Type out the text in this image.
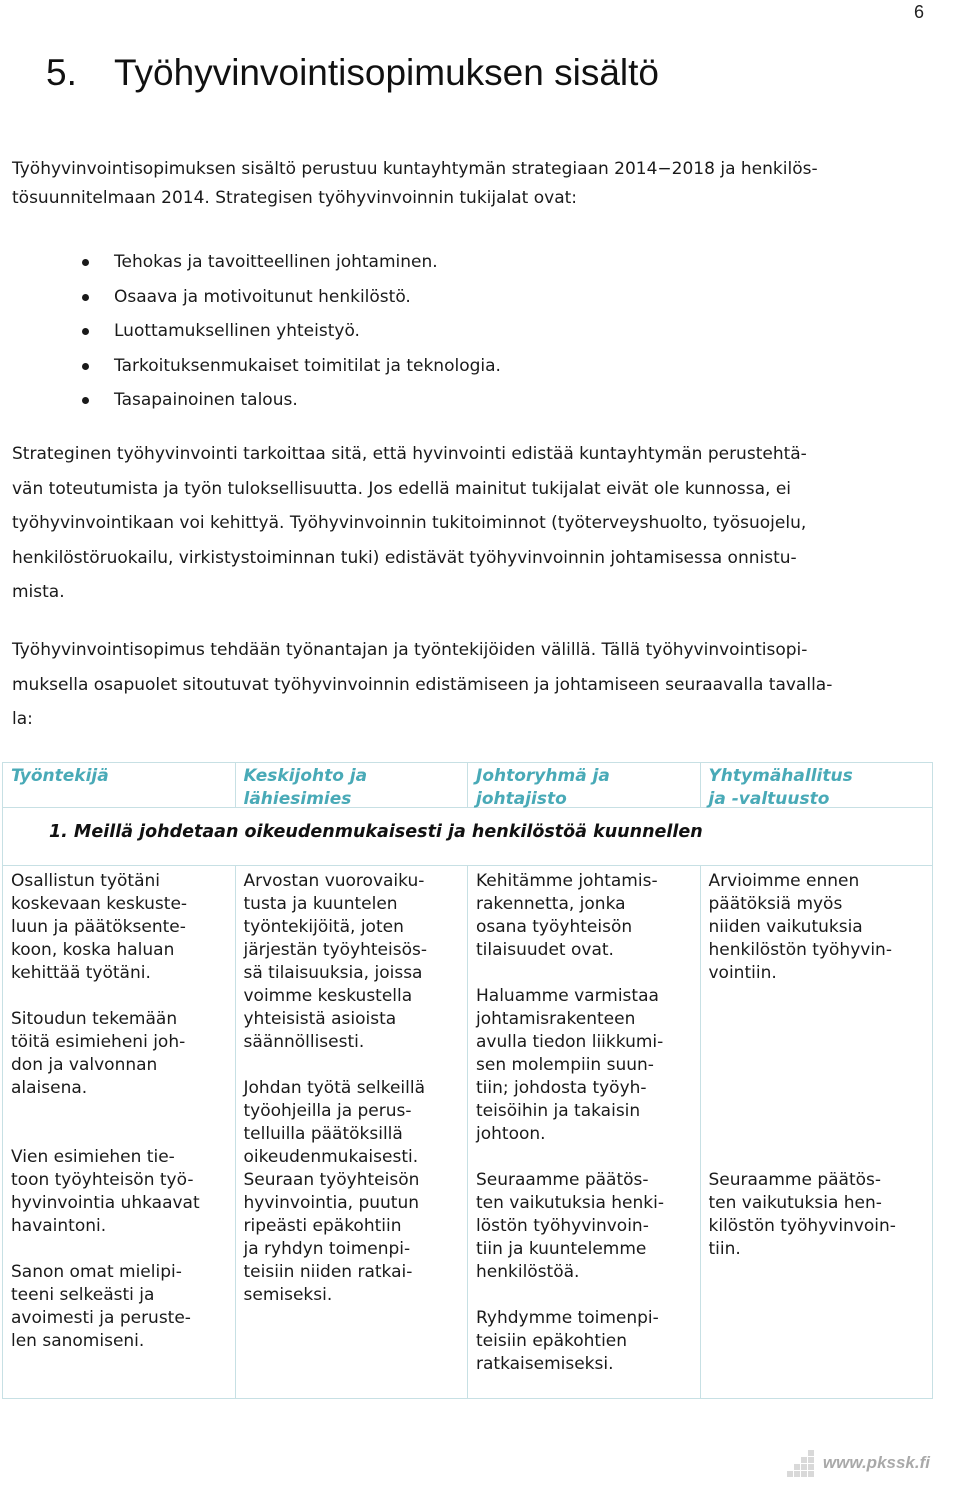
6
5. Työhyvinvointisopimuksen sisältö
Työhyvinvointisopimuksen sisältö perustuu kuntayhtymän strategiaan 2014−2018 ja henkilös-
tösuunnitelmaan 2014. Strategisen työhyvinvoinnin tukijalat ovat:
Tehokas ja tavoitteellinen johtaminen.
Osaava ja motivoitunut henkilöstö.
Luottamuksellinen yhteistyö.
Tarkoituksenmukaiset toimitilat ja teknologia.
Tasapainoinen talous.
Strateginen työhyvinvointi tarkoittaa sitä, että hyvinvointi edistää kuntayhtymän perustehtä-
vän toteutumista ja työn tuloksellisuutta. Jos edellä mainitut tukijalat eivät ole kunnossa, ei
työhyvinvointikaan voi kehittyä. Työhyvinvoinnin tukitoiminnot (työterveyshuolto, työsuojelu,
henkilöstöruokailu, virkistystoiminnan tuki) edistävät työhyvinvoinnin johtamisessa onnistu-
mista.
Työhyvinvointisopimus tehdään työnantajan ja työntekijöiden välillä. Tällä työhyvinvointisopi-
muksella osapuolet sitoutuvat työhyvinvoinnin edistämiseen ja johtamiseen seuraavalla tavalla-
la:
Työntekijä	Keskijohto ja
lähiesimies
Johtoryhmä ja
johtajisto
Yhtymähallitus
ja -valtuusto
1. Meillä johdetaan oikeudenmukaisesti ja henkilöstöä kuunnellen

Osallistun työtäni
koskevaan keskuste-
luun ja päätöksente-
koon, koska haluan
kehittää työtäni.

Sitoudun tekemään
töitä esimieheni joh-
don ja valvonnan
alaisena.

Vien esimiehen tie-
toon työyhteisön työ-
hyvinvointia uhkaavat
havaintoni.

Sanon omat mielipi-
teeni selkeästi ja
avoimesti ja peruste-
len sanomiseni.

Arvostan vuorovaiku-
tusta ja kuuntelen
työntekijöitä, joten
järjestän työyhteisös-
sä tilaisuuksia, joissa
voimme keskustella
yhteisistä asioista
säännöllisesti.

Johdan työtä selkeillä
työohjeilla ja perus-
telluilla päätöksillä
oikeudenmukaisesti.

Seuraan työyhteisön
hyvinvointia, puutun
ripeästi epäkohtiin
ja ryhdyn toimenpi-
teisiin niiden ratkai-
semiseksi.

Kehitämme johtamis-
rakennetta, jonka
osana työyhteisön
tilaisuudet ovat.

Haluamme varmistaa
johtamisrakenteen
avulla tiedon liikkumi-
sen molempiin suun-
tiin; johdosta työyh-
teisöihin ja takaisin
johtoon.

Seuraamme päätös-
ten vaikutuksia henki-
löstön työhyvinvoin-
tiin ja kuuntelemme
henkilöstöä.

Ryhdymme toimenpi-
teisiin epäkohtien
ratkaisemiseksi.

Arvioimme ennen
päätöksiä myös
niiden vaikutuksia
henkilöstön työhyvin-
vointiin.

Seuraamme päätös-
ten vaikutuksia hen-
kilöstön työhyvinvoin-
tiin.

www.pkssk.fi
